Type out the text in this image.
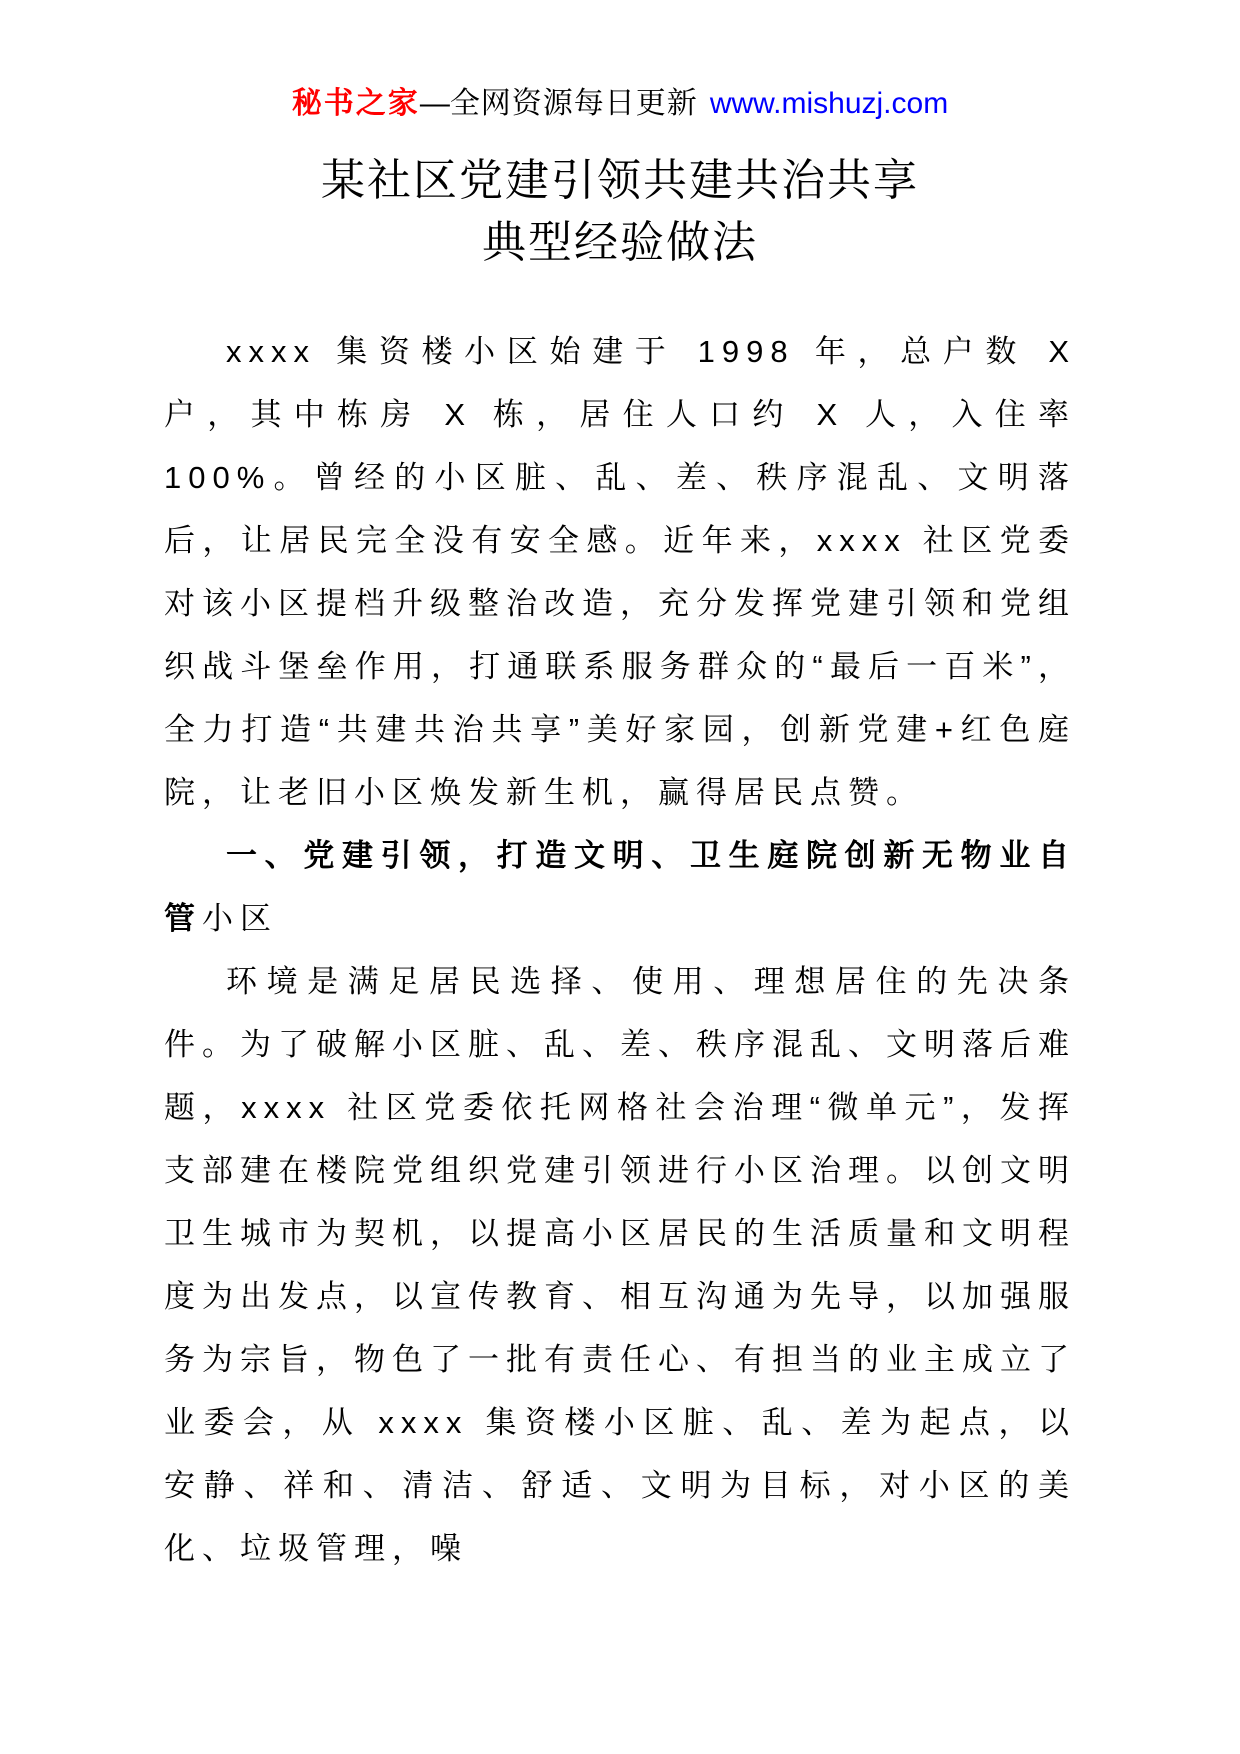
秘书之家—全网资源每日更新 www.mishuzj.com
某社区党建引领共建共治共享
典型经验做法

xxxx 集资楼小区始建于 1998 年，总户数 X 户，其中栋房 X 栋，居住人口约 X 人，入住率 100%。曾经的小区脏、乱、差、秩序混乱、文明落后，让居民完全没有安全感。近年来，xxxx 社区党委对该小区提档升级整治改造，充分发挥党建引领和党组织战斗堡垒作用，打通联系服务群众的“最后一百米”，全力打造“共建共治共享”美好家园，创新党建+红色庭院，让老旧小区焕发新生机，赢得居民点赞。

一、党建引领，打造文明、卫生庭院创新无物业自管小区

环境是满足居民选择、使用、理想居住的先决条件。为了破解小区脏、乱、差、秩序混乱、文明落后难题，xxxx 社区党委依托网格社会治理“微单元”，发挥支部建在楼院党组织党建引领进行小区治理。以创文明卫生城市为契机，以提高小区居民的生活质量和文明程度为出发点，以宣传教育、相互沟通为先导，以加强服务为宗旨，物色了一批有责任心、有担当的业主成立了业委会，从 xxxx 集资楼小区脏、乱、差为起点，以安静、祥和、清洁、舒适、文明为目标，对小区的美化、垃圾管理，噪
